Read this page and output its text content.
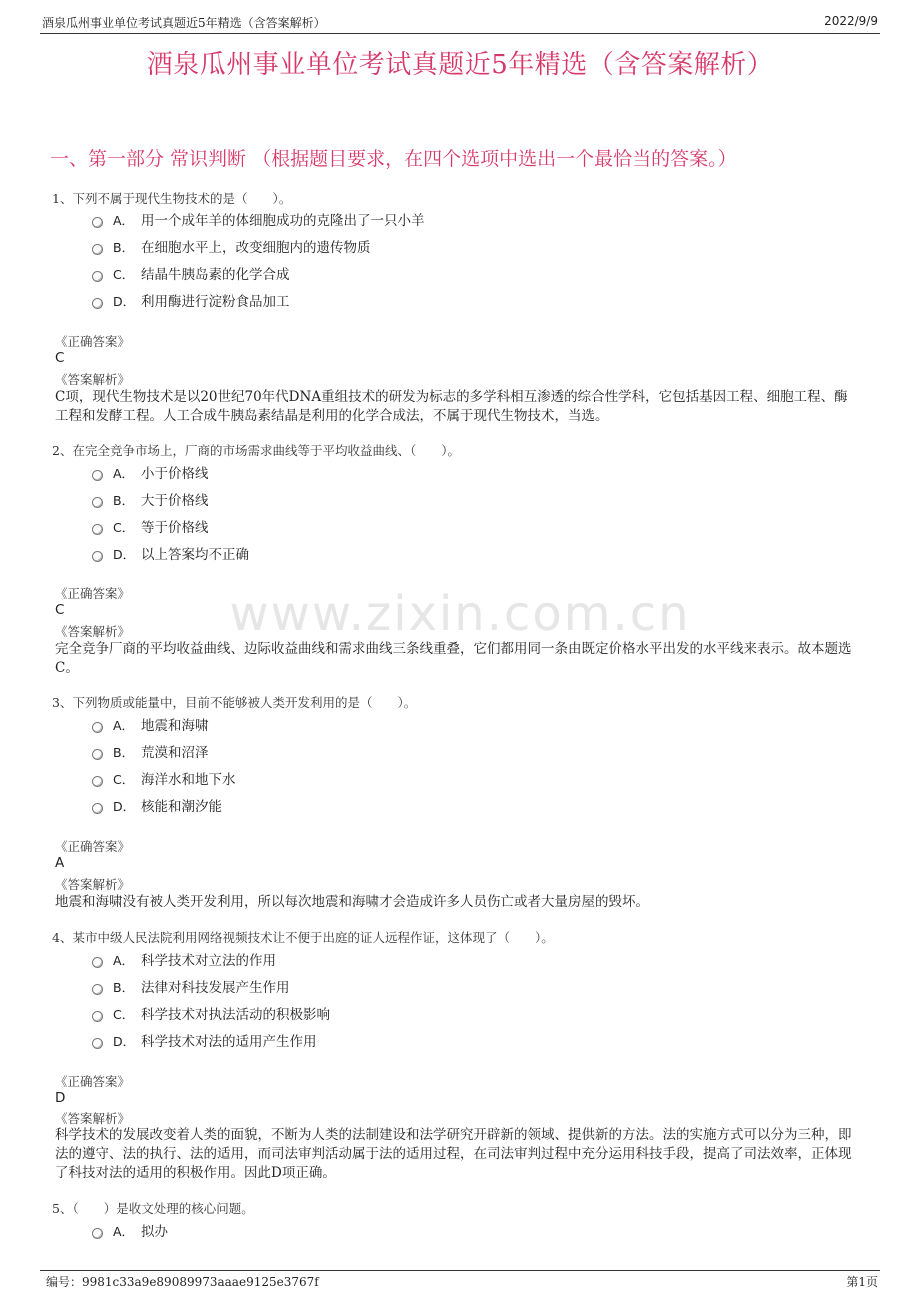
酒泉瓜州事业单位考试真题近5年精选（含答案解析）	2022/9/9
酒泉瓜州事业单位考试真题近5年精选（含答案解析）
一、第一部分 常识判断 （根据题目要求，在四个选项中选出一个最恰当的答案。）
www.zixin.com.cn
1、下列不属于现代生物技术的是（　　）。
A． 用一个成年羊的体细胞成功的克隆出了一只小羊
B． 在细胞水平上，改变细胞内的遗传物质
C． 结晶牛胰岛素的化学合成
D． 利用酶进行淀粉食品加工
《正确答案》
C
《答案解析》
C项，现代生物技术是以20世纪70年代DNA重组技术的研发为标志的多学科相互渗透的综合性学科，它包括基因工程、细胞工程、酶工程和发酵工程。人工合成牛胰岛素结晶是利用的化学合成法，不属于现代生物技术，当选。
2、在完全竞争市场上，厂商的市场需求曲线等于平均收益曲线、（　　）。
A． 小于价格线
B． 大于价格线
C． 等于价格线
D． 以上答案均不正确
《正确答案》
C
《答案解析》
完全竞争厂商的平均收益曲线、边际收益曲线和需求曲线三条线重叠，它们都用同一条由既定价格水平出发的水平线来表示。故本题选C。
3、下列物质或能量中，目前不能够被人类开发利用的是（　　）。
A． 地震和海啸
B． 荒漠和沼泽
C． 海洋水和地下水
D． 核能和潮汐能
《正确答案》
A
《答案解析》
地震和海啸没有被人类开发利用，所以每次地震和海啸才会造成许多人员伤亡或者大量房屋的毁坏。
4、某市中级人民法院利用网络视频技术让不便于出庭的证人远程作证，这体现了（　　）。
A． 科学技术对立法的作用
B． 法律对科技发展产生作用
C． 科学技术对执法活动的积极影响
D． 科学技术对法的适用产生作用
《正确答案》
D
《答案解析》
科学技术的发展改变着人类的面貌，不断为人类的法制建设和法学研究开辟新的领域、提供新的方法。法的实施方式可以分为三种，即法的遵守、法的执行、法的适用，而司法审判活动属于法的适用过程，在司法审判过程中充分运用科技手段，提高了司法效率，正体现了科技对法的适用的积极作用。因此D项正确。
5、（　　）是收文处理的核心问题。
A． 拟办
编号：9981c33a9e89089973aaae9125e3767f	第1页
